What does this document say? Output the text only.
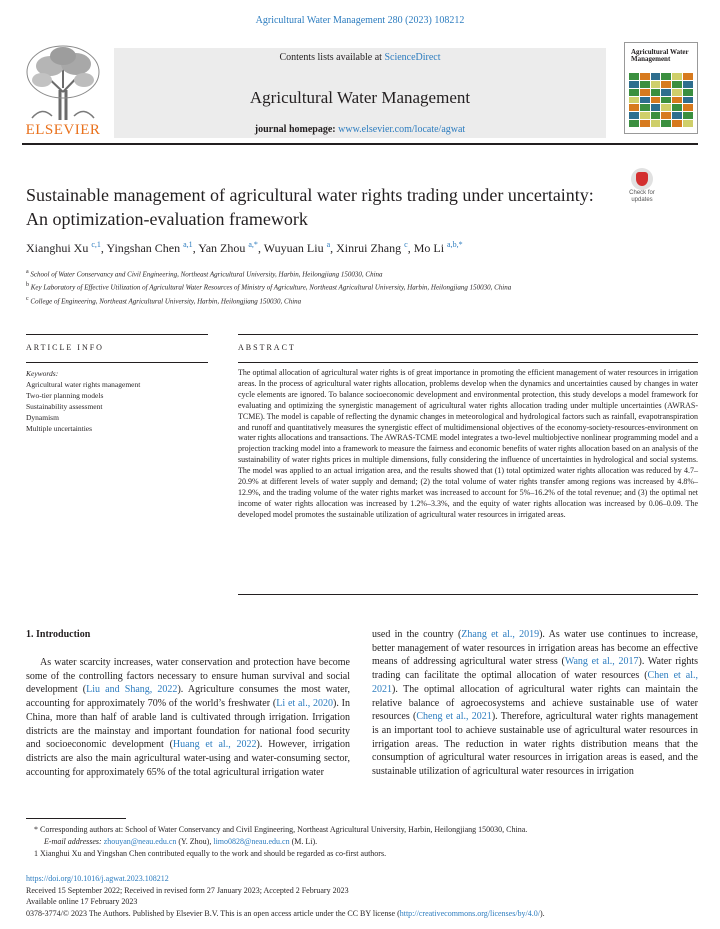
Agricultural Water Management 280 (2023) 108212
ELSEVIER
Contents lists available at ScienceDirect
Agricultural Water Management
journal homepage: www.elsevier.com/locate/agwat
Agricultural Water Management
Sustainable management of agricultural water rights trading under uncertainty: An optimization-evaluation framework
Check for updates
Xianghui Xu $^{c,1}$, Yingshan Chen $^{a,1}$, Yan Zhou $^{a,*}$, Wuyuan Liu $^a$, Xinrui Zhang $^c$, Mo Li $^{a,b,*}$
$^a$ School of Water Conservancy and Civil Engineering, Northeast Agricultural University, Harbin, Heilongjiang 150030, China
$^b$ Key Laboratory of Effective Utilization of Agricultural Water Resources of Ministry of Agriculture, Northeast Agricultural University, Harbin, Heilongjiang 150030, China
$^c$ College of Engineering, Northeast Agricultural University, Harbin, Heilongjiang 150030, China
ARTICLE INFO	ABSTRACT
Keywords:
Agricultural water rights management
Two-tier planning models
Sustainability assessment
Dynamism
Multiple uncertainties
The optimal allocation of agricultural water rights is of great importance in promoting the efficient management of water resources in irrigation areas. In the process of agricultural water rights allocation, problems develop when the dynamics and uncertainties caused by changes in water cycle elements are ignored. To balance socioeconomic development and environmental protection, this study develops a model framework for evaluating and optimizing the synergistic management of agricultural water rights allocation trading under multiple uncertainties (AWRAS-TCME). The model is capable of reflecting the dynamic changes in meteorological and hydrological factors such as rainfall, evapotranspiration and runoff and quantitatively measures the synergistic effect of multidimensional objectives of the economy-society-resources-environment on water rights allocations and transactions. The AWRAS-TCME model integrates a two-level multiobjective nonlinear programming model and a projection tracking model into a framework to measure the fairness and economic benefits of water rights allocation based on an analysis of the sustainability of water rights prices in multiple dimensions, fully considering the influence of uncertainties in hydrological and social systems. The model was applied to an actual irrigation area, and the results showed that (1) total optimized water rights allocation was reduced by 4.7–20.9% at different levels of water supply and demand; (2) the total volume of water rights transfer among regions was increased by 4.8%–12.9%, and the trading volume of the water rights market was increased to account for 5%–16.2% of the total revenue; and (3) the optimal net income of water rights allocation was increased by 1.2%–3.3%, and the equity of water rights allocation was increased by 0.06–0.09. The developed model promotes the sustainable utilization of agricultural water resources in irrigated areas.
1. Introduction

As water scarcity increases, water conservation and protection have become some of the controlling factors necessary to ensure human survival and social development (Liu and Shang, 2022). Agriculture consumes the most water, accounting for approximately 70% of the world’s freshwater (Li et al., 2020). In China, more than half of arable land is cultivated through irrigation. Irrigation districts are the mainstay and important foundation for national food security and socioeconomic development (Huang et al., 2022). However, irrigation districts are also the main agricultural water-using and water-consuming sector, accounting for approximately 65% of the total agricultural irrigation water

used in the country (Zhang et al., 2019). As water use continues to increase, better management of water resources in irrigation areas has become an effective means of addressing agricultural water stress (Wang et al., 2017). Water rights trading can facilitate the optimal allocation of water resources (Chen et al., 2021). The optimal allocation of agricultural water rights can maintain the relative balance of agroecosystems and achieve sustainable use of water resources (Cheng et al., 2021). Therefore, agricultural water rights management is an important tool to achieve sustainable use of agricultural water resources in irrigation areas. The reduction in water rights distribution means that the consumption of agricultural water resources in irrigation areas is eased, and the sustainable utilization of agricultural water resources in irrigation

* Corresponding authors at: School of Water Conservancy and Civil Engineering, Northeast Agricultural University, Harbin, Heilongjiang 150030, China.
E-mail addresses: zhouyan@neau.edu.cn (Y. Zhou), limo0828@neau.edu.cn (M. Li).
1 Xianghui Xu and Yingshan Chen contributed equally to the work and should be regarded as co-first authors.
https://doi.org/10.1016/j.agwat.2023.108212
Received 15 September 2022; Received in revised form 27 January 2023; Accepted 2 February 2023
Available online 17 February 2023
0378-3774/© 2023 The Authors. Published by Elsevier B.V. This is an open access article under the CC BY license (http://creativecommons.org/licenses/by/4.0/).
